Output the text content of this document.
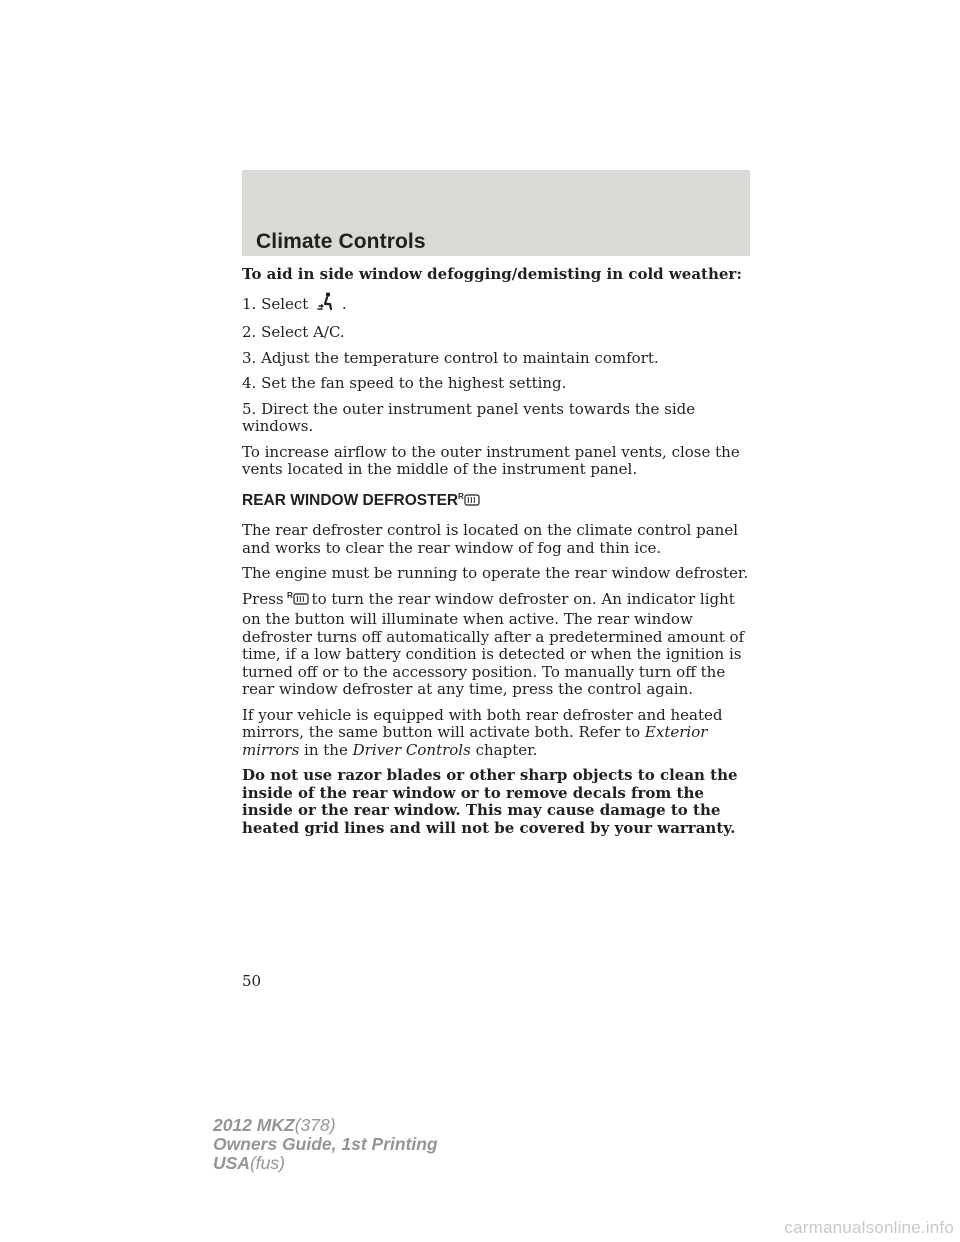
Climate Controls

To aid in side window defogging/demisting in cold weather:

1. Select .

2. Select A/C.

3. Adjust the temperature control to maintain comfort.

4. Set the fan speed to the highest setting.

5. Direct the outer instrument panel vents towards the side windows.

To increase airflow to the outer instrument panel vents, close the vents located in the middle of the instrument panel.

REAR WINDOW DEFROSTER R

The rear defroster control is located on the climate control panel and works to clear the rear window of fog and thin ice.

The engine must be running to operate the rear window defroster.

Press R to turn the rear window defroster on. An indicator light on the button will illuminate when active. The rear window defroster turns off automatically after a predetermined amount of time, if a low battery condition is detected or when the ignition is turned off or to the accessory position. To manually turn off the rear window defroster at any time, press the control again.

If your vehicle is equipped with both rear defroster and heated mirrors, the same button will activate both. Refer to Exterior mirrors in the Driver Controls chapter.

Do not use razor blades or other sharp objects to clean the inside of the rear window or to remove decals from the inside or the rear window. This may cause damage to the heated grid lines and will not be covered by your warranty.

50
2012 MKZ(378)
Owners Guide, 1st Printing
USA(fus)
carmanualsonline.info
